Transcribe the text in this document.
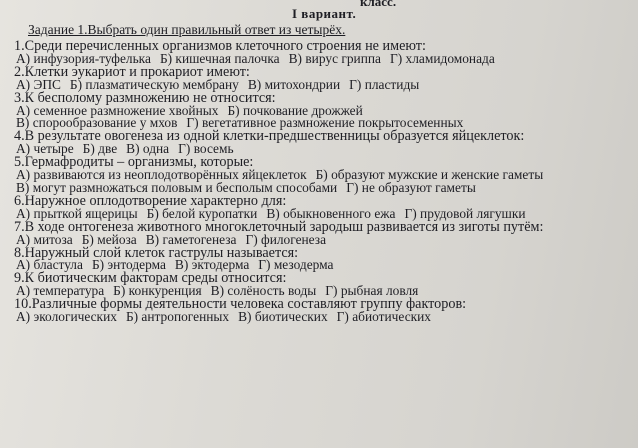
класс.
I вариант.
Задание 1.Выбрать один правильный ответ из четырёх.
1.Среди перечисленных организмов клеточного строения не имеют:
А) инфузория-туфелька Б) кишечная палочка В) вирус гриппа Г) хламидомонада
2.Клетки эукариот и прокариот имеют:
А) ЭПС Б) плазматическую мембрану В) митохондрии Г) пластиды
3.К бесполому размножению не относится:
А) семенное размножение хвойных Б) почкование дрожжей
В) спорообразование у мхов Г) вегетативное размножение покрытосеменных
4.В результате овогенеза из одной клетки-предшественницы образуется яйцеклеток:
А) четыре Б) две В) одна Г) восемь
5.Гермафродиты – организмы, которые:
А) развиваются из неоплодотворённых яйцеклеток Б) образуют мужские и женские гаметы
В) могут размножаться половым и бесполым способами Г) не образуют гаметы
6.Наружное оплодотворение характерно для:
А) прыткой ящерицы Б) белой куропатки В) обыкновенного ежа Г) прудовой лягушки
7.В ходе онтогенеза животного многоклеточный зародыш развивается из зиготы путём:
А) митоза Б) мейоза В) гаметогенеза Г) филогенеза
8.Наружный слой клеток гаструлы называется:
А) бластула Б) энтодерма В) эктодерма Г) мезодерма
9.К биотическим факторам среды относится:
А) температура Б) конкуренция В) солёность воды Г) рыбная ловля
10.Различные формы деятельности человека составляют группу факторов:
А) экологических Б) антропогенных В) биотических Г) абиотических
